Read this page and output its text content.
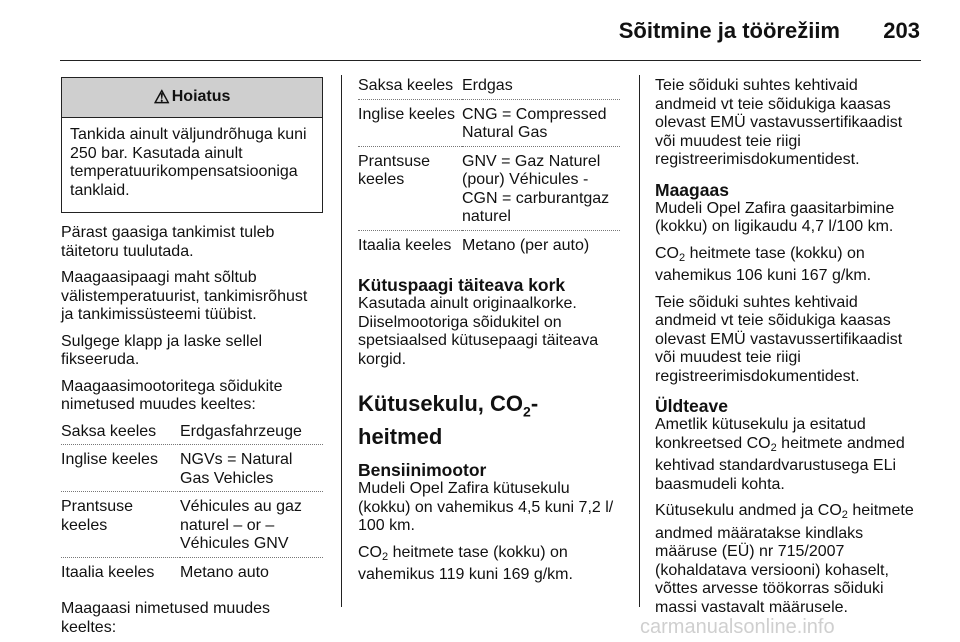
Sõitmine ja töörežiim 203
⚠ Hoiatus
Tankida ainult väljundrõhuga kuni 250 bar. Kasutada ainult temperatuurikompensatsiooniga tanklaid.

Pärast gaasiga tankimist tuleb täitetoru tuulutada.

Maagaasipaagi maht sõltub välistemperatuurist, tankimisrõhust ja tankimissüsteemi tüübist.

Sulgege klapp ja laske sellel fikseeruda.

Maagaasimootoritega sõidukite nimetused muudes keeltes:

Saksa keeles	Erdgasfahrzeuge
Inglise keeles	NGVs = Natural Gas Vehicles
Prantsuse keeles	Véhicules au gaz naturel – or – Véhicules GNV
Itaalia keeles	Metano auto

Maagaasi nimetused muudes keeltes:

Saksa keeles	Erdgas
Inglise keeles	CNG = Compressed Natural Gas
Prantsuse keeles	GNV = Gaz Naturel (pour) Véhicules - CGN = carburantgaz naturel
Itaalia keeles	Metano (per auto)
Kütuspaagi täiteava kork

Kasutada ainult originaalkorke. Diiselmootoriga sõidukitel on spetsiaalsed kütusepaagi täiteava korgid.

Kütusekulu, $CO_2$-heitmed
Bensiinimootor

Mudeli Opel Zafira kütusekulu (kokku) on vahemikus 4,5 kuni 7,2 l/ 100 km.

CO2 heitmete tase (kokku) on vahemikus 119 kuni 169 g/km.

Teie sõiduki suhtes kehtivaid andmeid vt teie sõidukiga kaasas olevast EMÜ vastavussertifikaadist või muudest teie riigi registreerimisdokumentidest.

Maagaas

Mudeli Opel Zafira gaasitarbimine (kokku) on ligikaudu 4,7 l/100 km.

CO2 heitmete tase (kokku) on vahemikus 106 kuni 167 g/km.

Teie sõiduki suhtes kehtivaid andmeid vt teie sõidukiga kaasas olevast EMÜ vastavussertifikaadist või muudest teie riigi registreerimisdokumentidest.

Üldteave

Ametlik kütusekulu ja esitatud konkreetsed CO2 heitmete andmed kehtivad standardvarustusega ELi baasmudeli kohta.

Kütusekulu andmed ja CO2 heitmete andmed määratakse kindlaks määruse (EÜ) nr 715/2007 (kohaldatava versiooni) kohaselt, võttes arvesse töökorras sõiduki massi vastavalt määrusele.

carmanualsonline.info
